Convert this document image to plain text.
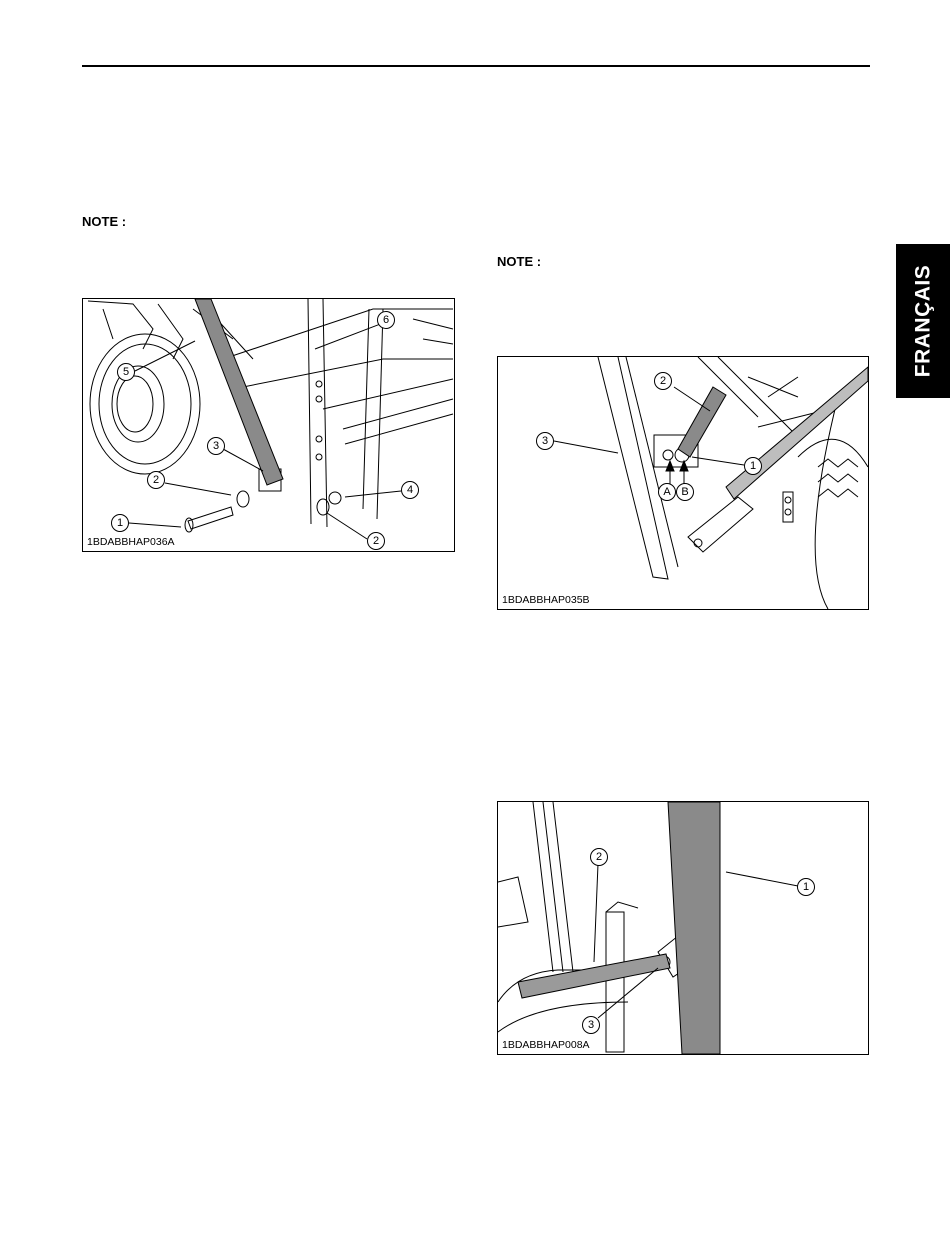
FRANÇAIS
NOTE :
NOTE :
5
6
3
2
4
1
2
1BDABBHAP036A
2
3
1
A B
1BDABBHAP035B
2
1
3
1BDABBHAP008A
